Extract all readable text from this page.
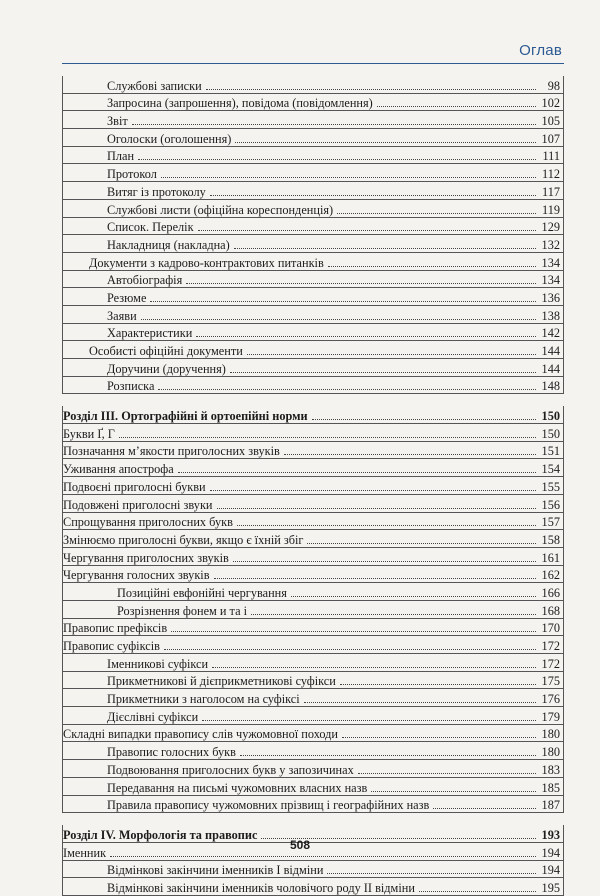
Оглав
Службові записки	98
Запросина (запрошення), повідома (повідомлення)	102
Звіт	105
Оголоски (оголошення)	107
План	111
Протокол	112
Витяг із протоколу	117
Службові листи (офіційна кореспонденція)	119
Список. Перелік	129
Накладниця (накладна)	132
Документи з кадрово-контрактових питанків	134
Автобіографія	134
Резюме	136
Заяви	138
Характеристики	142
Особисті офіційні документи	144
Доручини (доручення)	144
Розписка	148
Розділ ІІІ. Ортографійні й ортоепійні норми	150
Букви Ґ, Г	150
Позначання м’якости приголосних звуків	151
Уживання апострофа	154
Подвоєні приголосні букви	155
Подовжені приголосні звуки	156
Спрощування приголосних букв	157
Змінюємо приголосні букви, якщо є їхній збіг	158
Чергування приголосних звуків	161
Чергування голосних звуків	162
Позиційні евфонійні чергування	166
Розрізнення фонем и та і	168
Правопис префіксів	170
Правопис суфіксів	172
Іменникові суфікси	172
Прикметникові й дієприкметникові суфікси	175
Прикметники з наголосом на суфіксі	176
Дієслівні суфікси	179
Складні випадки правопису слів чужомовної походи	180
Правопис голосних букв	180
Подвоювання приголосних букв у запозичинах	183
Передавання на письмі чужомовних власних назв	185
Правила правопису чужомовних прізвищ і географійних назв	187
Розділ IV. Морфологія та правопис	193
Іменник	194
Відмінкові закінчини іменників І відміни	194
Відмінкові закінчини іменників чоловічого роду ІІ відміни	195
508
